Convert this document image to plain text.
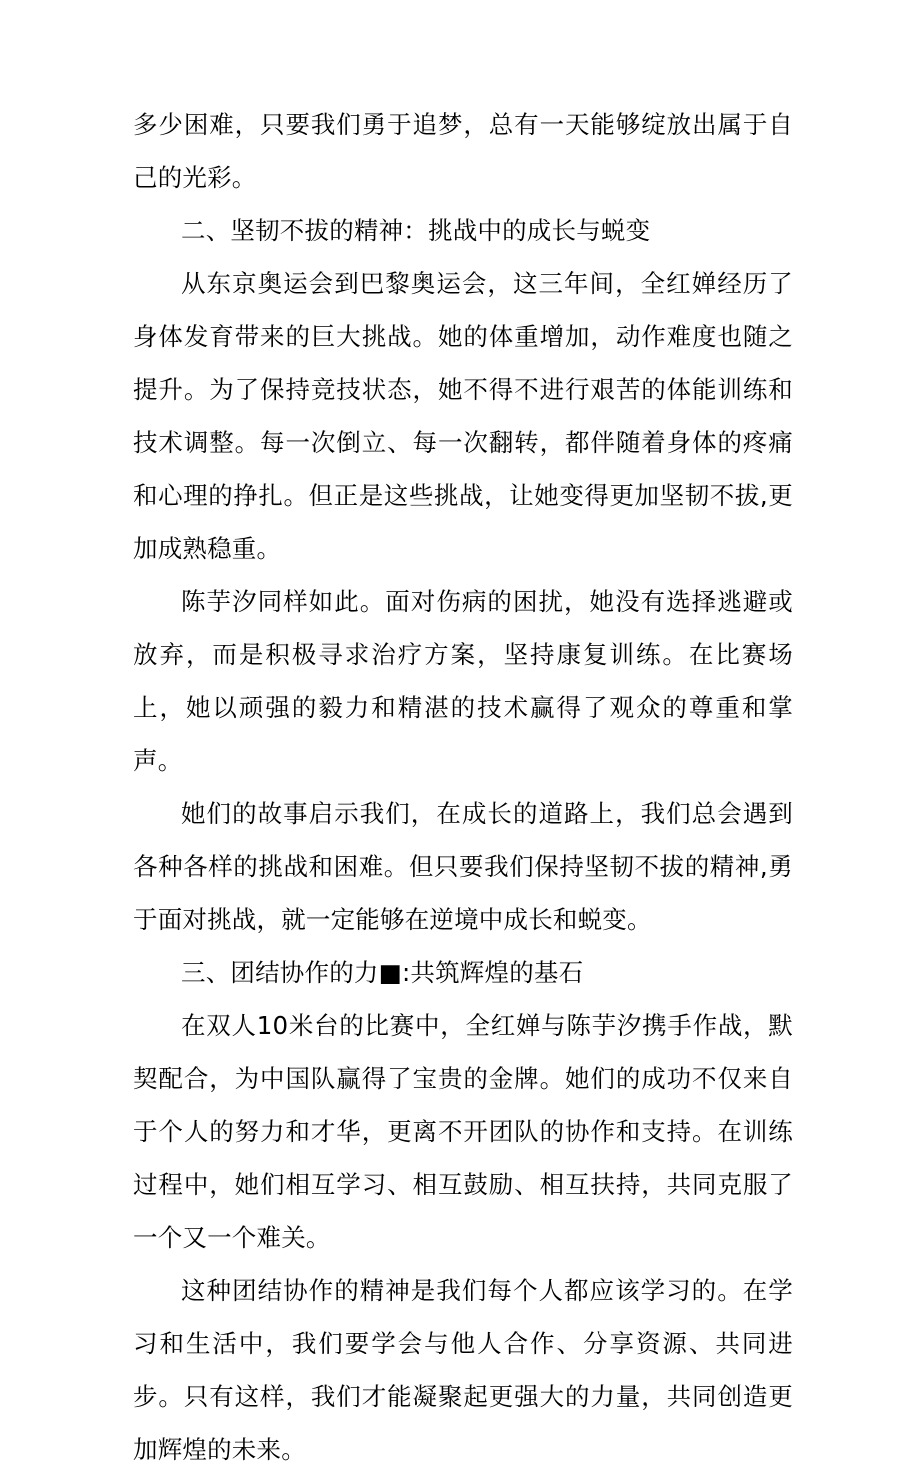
多少困难，只要我们勇于追梦，总有一天能够绽放出属于自己的光彩。

二、坚韧不拔的精神：挑战中的成长与蜕变

从东京奥运会到巴黎奥运会，这三年间，全红婵经历了身体发育带来的巨大挑战。她的体重增加，动作难度也随之提升。为了保持竞技状态，她不得不进行艰苦的体能训练和技术调整。每一次倒立、每一次翻转，都伴随着身体的疼痛和心理的挣扎。但正是这些挑战，让她变得更加坚韧不拔,更加成熟稳重。

陈芋汐同样如此。面对伤病的困扰，她没有选择逃避或放弃，而是积极寻求治疗方案，坚持康复训练。在比赛场上，她以顽强的毅力和精湛的技术赢得了观众的尊重和掌声。

她们的故事启示我们，在成长的道路上，我们总会遇到各种各样的挑战和困难。但只要我们保持坚韧不拔的精神,勇于面对挑战，就一定能够在逆境中成长和蜕变。

三、团结协作的力■:共筑辉煌的基石

在双人10米台的比赛中，全红婵与陈芋汐携手作战，默契配合，为中国队赢得了宝贵的金牌。她们的成功不仅来自于个人的努力和才华，更离不开团队的协作和支持。在训练过程中，她们相互学习、相互鼓励、相互扶持，共同克服了一个又一个难关。

这种团结协作的精神是我们每个人都应该学习的。在学习和生活中，我们要学会与他人合作、分享资源、共同进步。只有这样，我们才能凝聚起更强大的力量，共同创造更加辉煌的未来。
